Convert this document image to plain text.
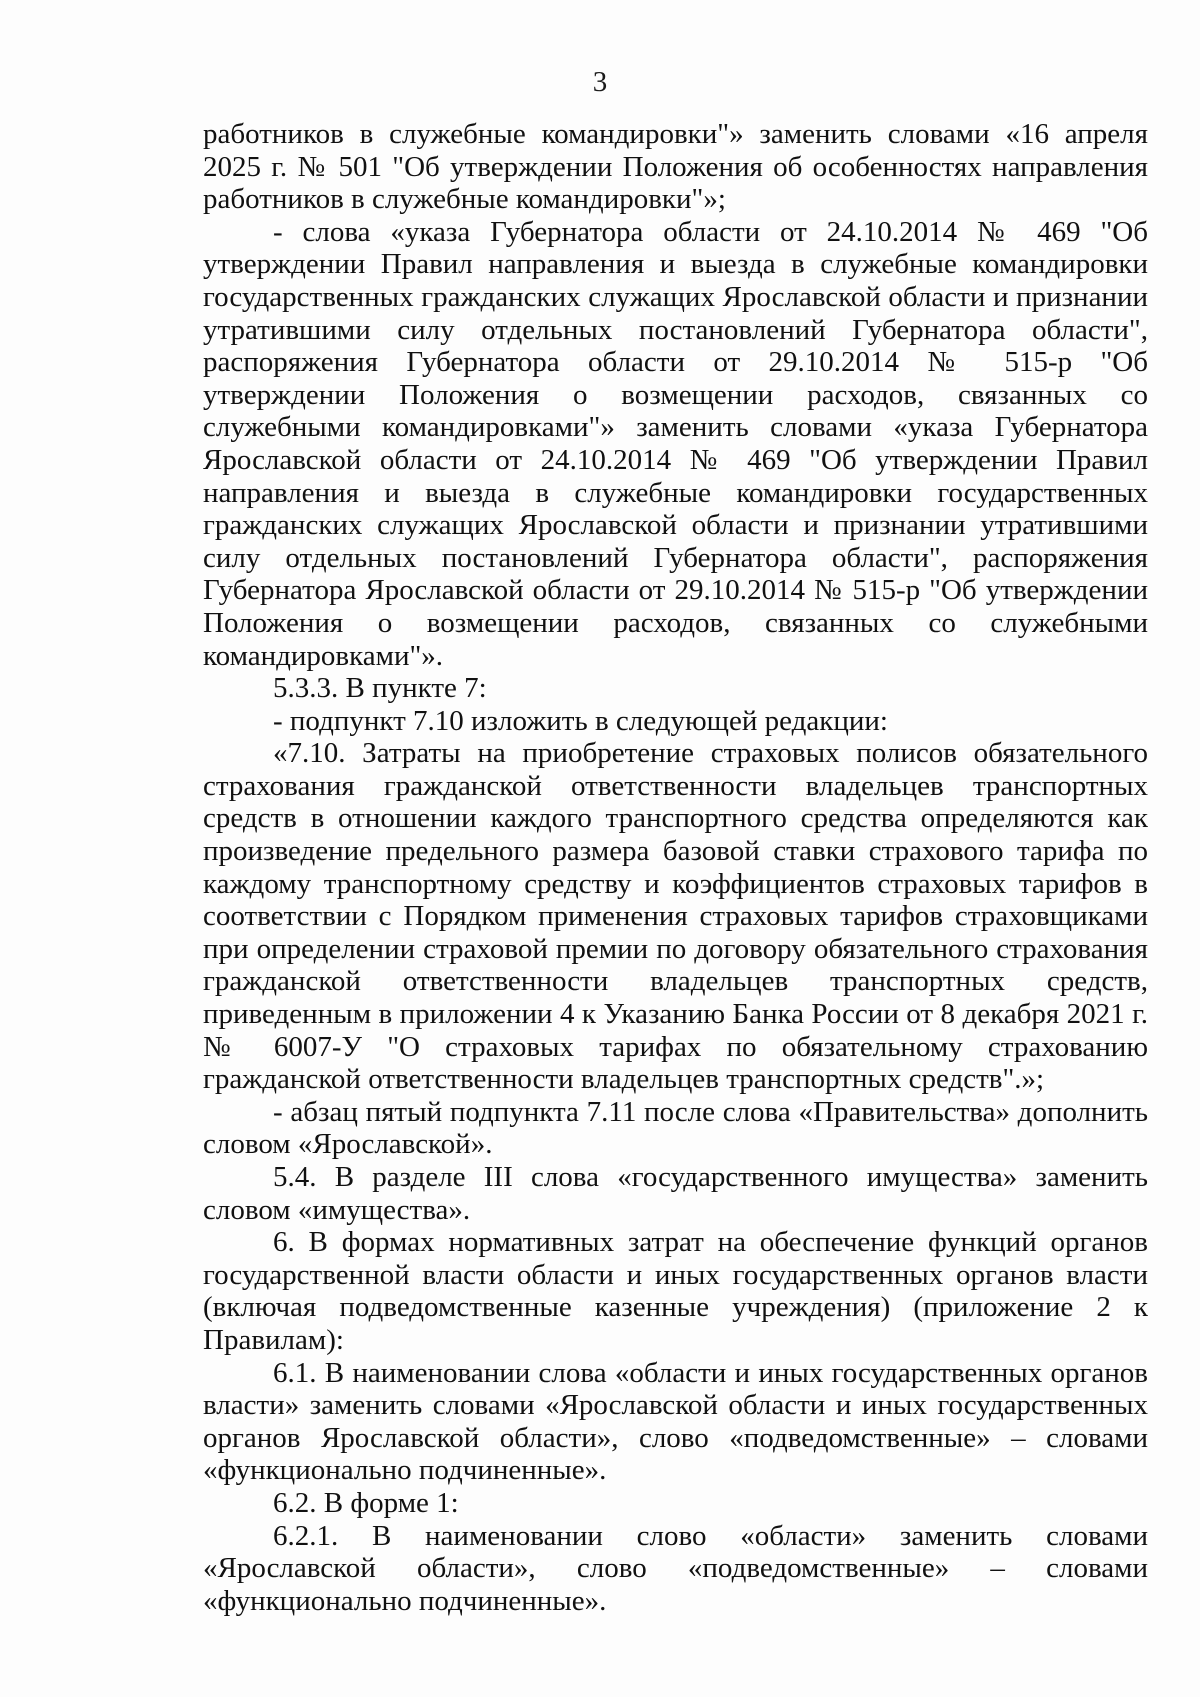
3

работников в служебные командировки"» заменить словами «16 апреля 2025 г. № 501 "Об утверждении Положения об особенностях направления работников в служебные командировки"»;

- слова «указа Губернатора области от 24.10.2014 № 469 "Об утверждении Правил направления и выезда в служебные командировки государственных гражданских служащих Ярославской области и признании утратившими силу отдельных постановлений Губернатора области", распоряжения Губернатора области от 29.10.2014 № 515-р "Об утверждении Положения о возмещении расходов, связанных со служебными командировками"» заменить словами «указа Губернатора Ярославской области от 24.10.2014 № 469 "Об утверждении Правил направления и выезда в служебные командировки государственных гражданских служащих Ярославской области и признании утратившими силу отдельных постановлений Губернатора области", распоряжения Губернатора Ярославской области от 29.10.2014 № 515-р "Об утверждении Положения о возмещении расходов, связанных со служебными командировками"».

5.3.3. В пункте 7:

- подпункт 7.10 изложить в следующей редакции:

«7.10. Затраты на приобретение страховых полисов обязательного страхования гражданской ответственности владельцев транспортных средств в отношении каждого транспортного средства определяются как произведение предельного размера базовой ставки страхового тарифа по каждому транспортному средству и коэффициентов страховых тарифов в соответствии с Порядком применения страховых тарифов страховщиками при определении страховой премии по договору обязательного страхования гражданской ответственности владельцев транспортных средств, приведенным в приложении 4 к Указанию Банка России от 8 декабря 2021 г. № 6007-У "О страховых тарифах по обязательному страхованию гражданской ответственности владельцев транспортных средств".»;

- абзац пятый подпункта 7.11 после слова «Правительства» дополнить словом «Ярославской».

5.4. В разделе III слова «государственного имущества» заменить словом «имущества».

6. В формах нормативных затрат на обеспечение функций органов государственной власти области и иных государственных органов власти (включая подведомственные казенные учреждения) (приложение 2 к Правилам):

6.1. В наименовании слова «области и иных государственных органов власти» заменить словами «Ярославской области и иных государственных органов Ярославской области», слово «подведомственные» – словами «функционально подчиненные».

6.2. В форме 1:

6.2.1. В наименовании слово «области» заменить словами «Ярославской области», слово «подведомственные» – словами «функционально подчиненные».
